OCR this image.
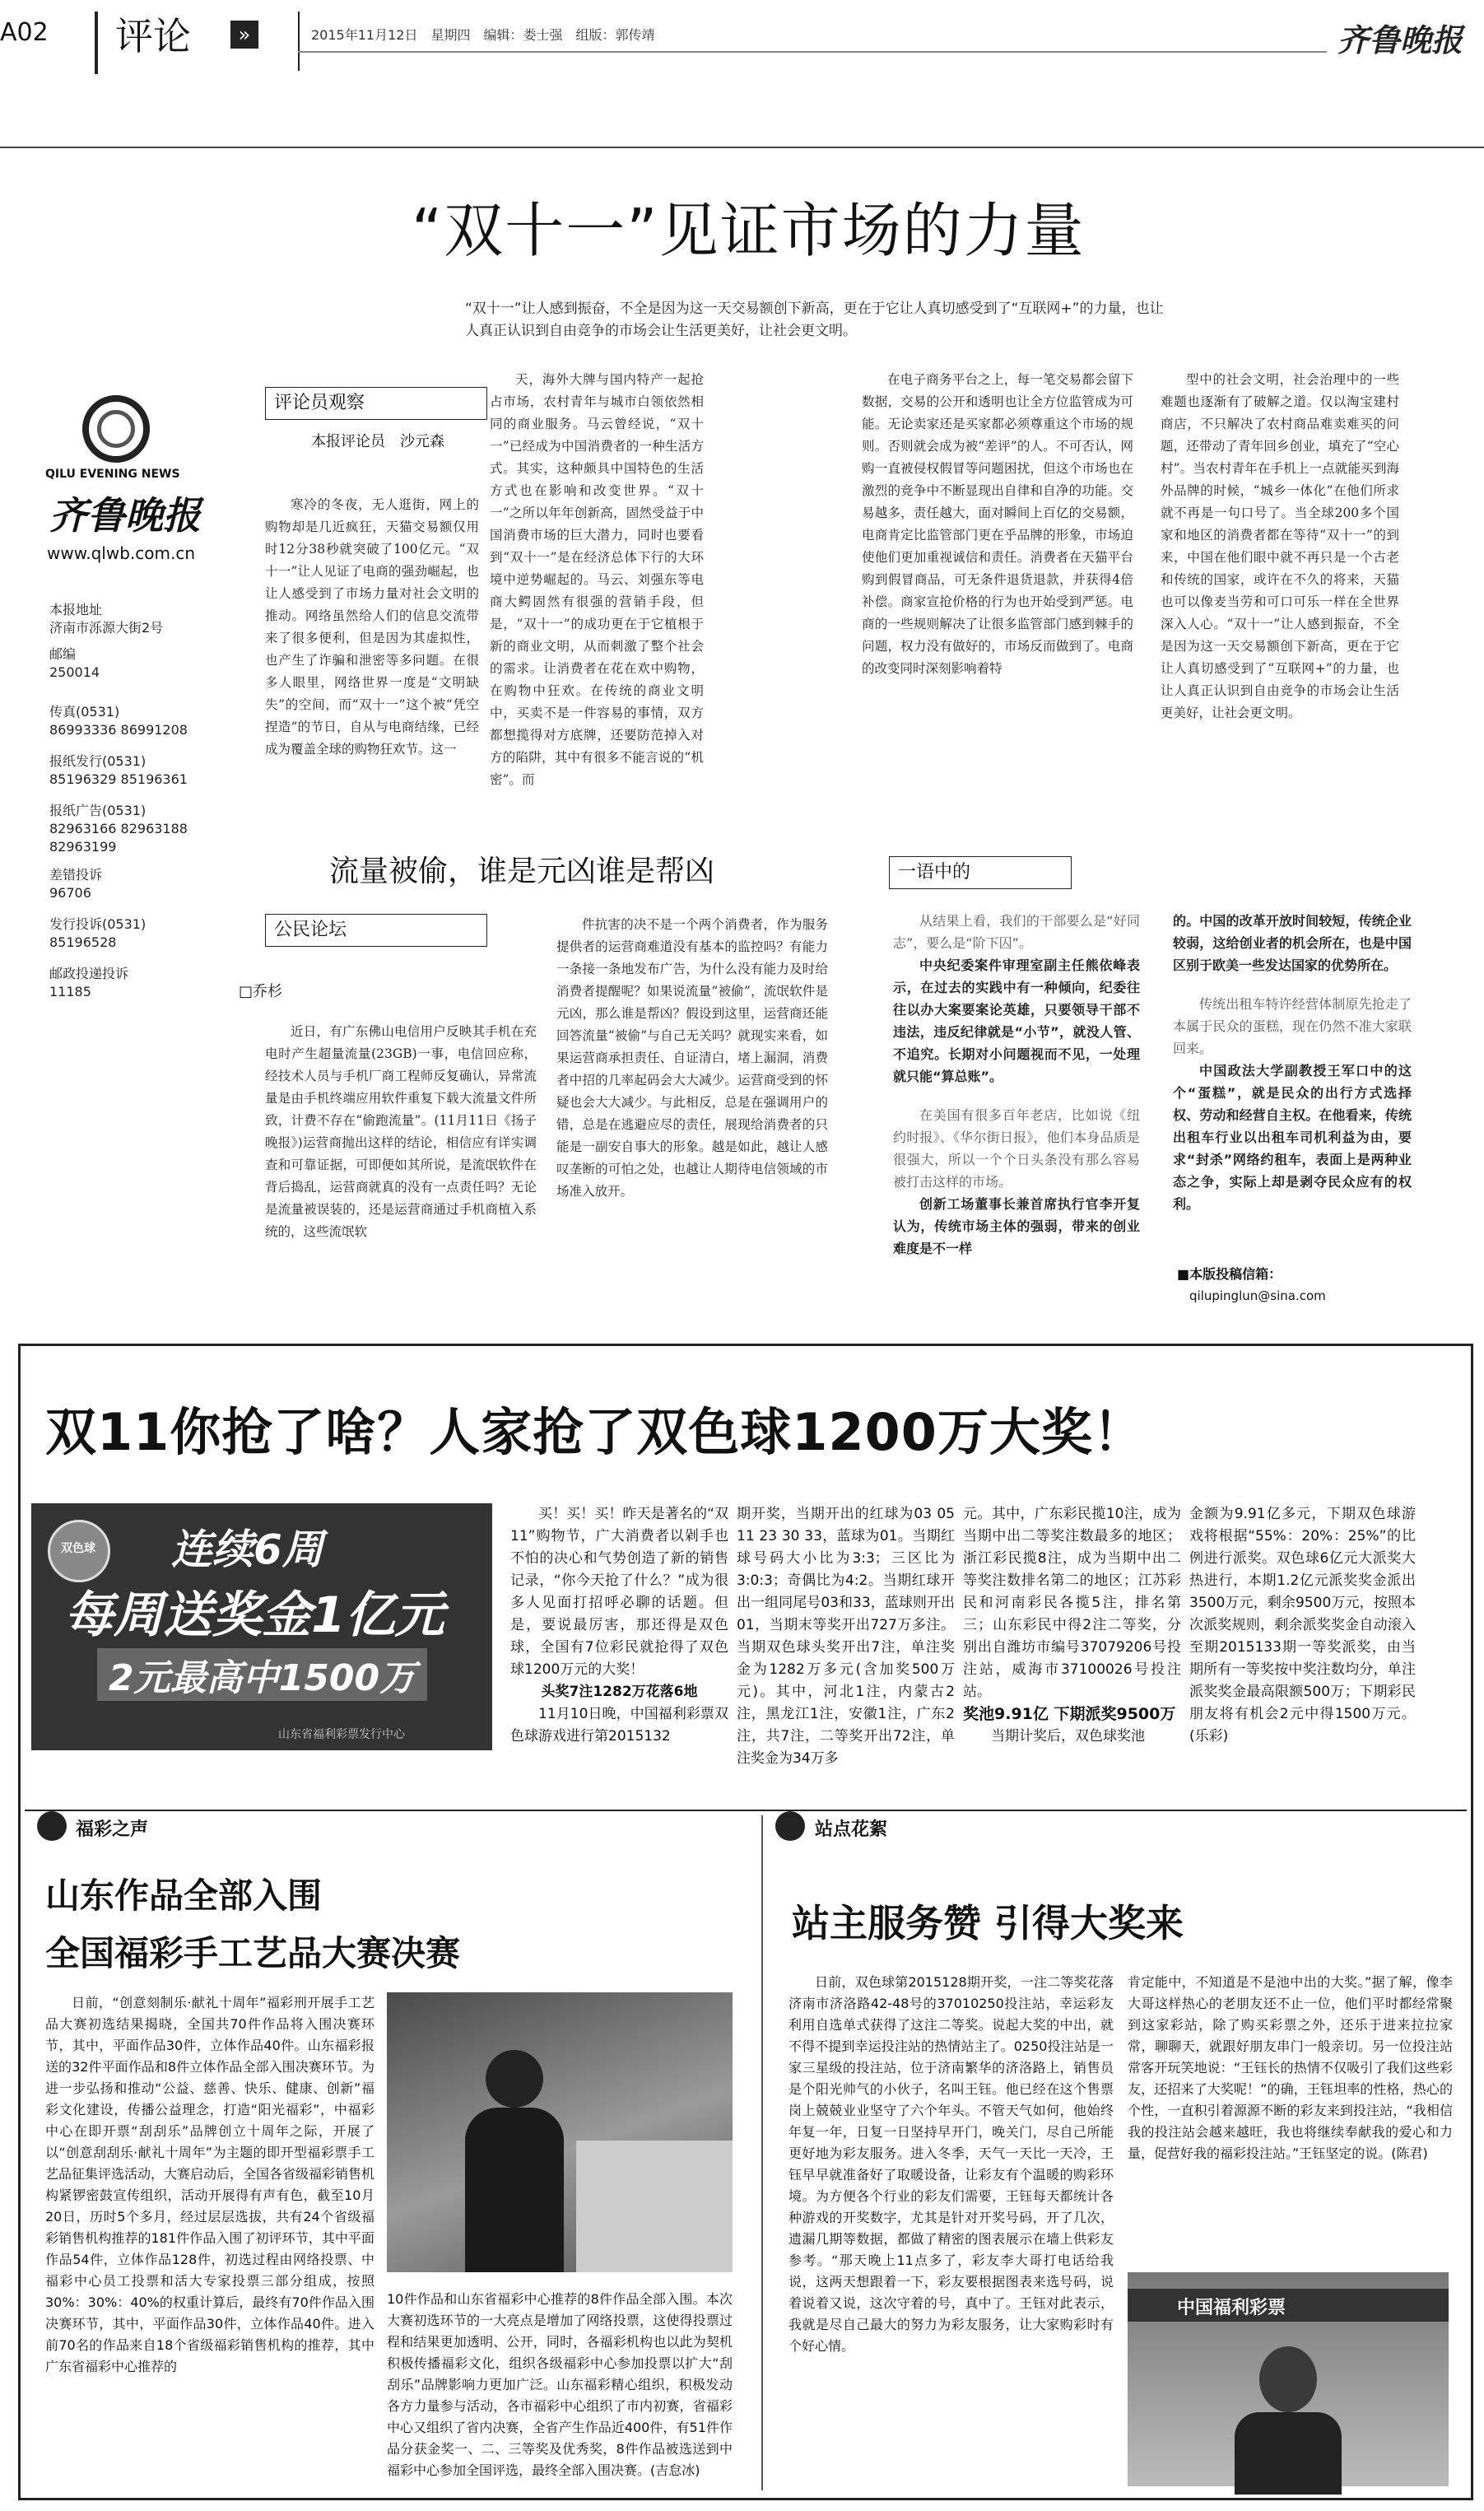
A02	评论	»	2015年11月12日　星期四　编辑：娄士强　组版：郭传靖	齐鲁晚报
QILU EVENING NEWS
齐鲁晚报
www.qlwb.com.cn
本报地址
济南市泺源大街2号
邮编
250014
传真(0531)
86993336 86991208
报纸发行(0531)
85196329 85196361
报纸广告(0531)
82963166 82963188 82963199
差错投诉
96706
发行投诉(0531)
85196528
邮政投递投诉
11185
“双十一”见证市场的力量
“双十一”让人感到振奋，不全是因为这一天交易额创下新高，更在于它让人真切感受到了“互联网+”的力量，也让人真正认识到自由竞争的市场会让生活更美好，让社会更文明。
评论员观察
本报评论员　沙元森

寒冷的冬夜，无人逛街，网上的购物却是几近疯狂，天猫交易额仅用时12分38秒就突破了100亿元。“双十一”让人见证了电商的强劲崛起，也让人感受到了市场力量对社会文明的推动。网络虽然给人们的信息交流带来了很多便利，但是因为其虚拟性，也产生了诈骗和泄密等多问题。在很多人眼里，网络世界一度是“文明缺失”的空间，而“双十一”这个被“凭空捏造”的节日，自从与电商结缘，已经成为覆盖全球的购物狂欢节。这一

天，海外大牌与国内特产一起抢占市场，农村青年与城市白领依然相同的商业服务。马云曾经说，“双十一”已经成为中国消费者的一种生活方式。其实，这种颇具中国特色的生活方式也在影响和改变世界。“双十一”之所以年年创新高，固然受益于中国消费市场的巨大潜力，同时也要看到“双十一”是在经济总体下行的大环境中逆势崛起的。马云、刘强东等电商大鳄固然有很强的营销手段，但是，“双十一”的成功更在于它植根于新的商业文明，从而刺激了整个社会的需求。让消费者在花在欢中购物，在购物中狂欢。在传统的商业文明中，买卖不是一件容易的事情，双方都想揽得对方底牌，还要防范掉入对方的陷阱，其中有很多不能言说的“机密”。而

在电子商务平台之上，每一笔交易都会留下数据，交易的公开和透明也让全方位监管成为可能。无论卖家还是买家都必须尊重这个市场的规则。否则就会成为被“差评”的人。不可否认，网购一直被侵权假冒等问题困扰，但这个市场也在激烈的竞争中不断显现出自律和自净的功能。交易越多，责任越大，面对瞬间上百亿的交易额，电商肯定比监管部门更在乎品牌的形象，市场迫使他们更加重视诚信和责任。消费者在天猫平台购到假冒商品，可无条件退货退款，并获得4倍补偿。商家宣抢价格的行为也开始受到严惩。电商的一些规则解决了让很多监管部门感到棘手的问题，权力没有做好的，市场反而做到了。电商的改变同时深刻影响着特

型中的社会文明，社会治理中的一些难题也逐渐有了破解之道。仅以淘宝建村商店，不只解决了农村商品难卖难买的问题，还带动了青年回乡创业，填充了“空心村”。当农村青年在手机上一点就能买到海外品牌的时候，“城乡一体化”在他们所求就不再是一句口号了。当全球200多个国家和地区的消费者都在等待“双十一”的到来，中国在他们眼中就不再只是一个古老和传统的国家，或许在不久的将来，天猫也可以像麦当劳和可口可乐一样在全世界深入人心。“双十一”让人感到振奋，不全是因为这一天交易额创下新高，更在于它让人真切感受到了“互联网+”的力量，也让人真正认识到自由竞争的市场会让生活更美好，让社会更文明。

流量被偷，谁是元凶谁是帮凶
公民论坛
□乔杉

近日，有广东佛山电信用户反映其手机在充电时产生超量流量(23GB)一事，电信回应称，经技术人员与手机厂商工程师反复确认，异常流量是由手机终端应用软件重复下载大流量文件所致，计费不存在“偷跑流量”。(11月11日《扬子晚报》)运营商抛出这样的结论，相信应有详实调查和可靠证据，可即便如其所说，是流氓软件在背后捣乱，运营商就真的没有一点责任吗？无论是流量被误装的，还是运营商通过手机商植入系统的，这些流氓软

件抗害的决不是一个两个消费者，作为服务提供者的运营商难道没有基本的监控吗？有能力一条接一条地发布广告，为什么没有能力及时给消费者提醒呢？如果说流量“被偷”，流氓软件是元凶，那么谁是帮凶？假设到这里，运营商还能回答流量“被偷”与自己无关吗？就现实来看，如果运营商承担责任、自证清白，堵上漏洞，消费者中招的几率起码会大大减少。运营商受到的怀疑也会大大减少。与此相反，总是在强调用户的错，总是在逃避应尽的责任，展现给消费者的只能是一副安自事大的形象。越是如此，越让人感叹垄断的可怕之处，也越让人期待电信领域的市场准入放开。

一语中的

从结果上看，我们的干部要么是“好同志”，要么是“阶下囚”。

中央纪委案件审理室副主任熊依峰表示，在过去的实践中有一种倾向，纪委往往以办大案要案论英雄，只要领导干部不违法，违反纪律就是“小节”，就没人管、不追究。长期对小问题视而不见，一处理就只能“算总账”。

在美国有很多百年老店，比如说《纽约时报》、《华尔街日报》，他们本身品质是很强大，所以一个个日头条没有那么容易被打击这样的市场。

创新工场董事长兼首席执行官李开复认为，传统市场主体的强弱，带来的创业难度是不一样

的。中国的改革开放时间较短，传统企业较弱，这给创业者的机会所在，也是中国区别于欧美一些发达国家的优势所在。

传统出租车特许经营体制原先抢走了本属于民众的蛋糕，现在仍然不准大家联回来。

中国政法大学副教授王军口中的这个“蛋糕”，就是民众的出行方式选择权、劳动和经营自主权。在他看来，传统出租车行业以出租车司机利益为由，要求“封杀”网络约租车，表面上是两种业态之争，实际上却是剥夺民众应有的权利。

■本版投稿信箱：
qilupinglun@sina.com
双11你抢了啥？人家抢了双色球1200万大奖！
双色球 连续6周
每周送奖金1亿元
2元最高中1500万
山东省福利彩票发行中心

买！买！买！昨天是著名的“双11”购物节，广大消费者以剁手也不怕的决心和气势创造了新的销售记录，“你今天抢了什么？”成为很多人见面打招呼必聊的话题。但是，要说最厉害，那还得是双色球，全国有7位彩民就抢得了双色球1200万元的大奖！

头奖7注1282万花落6地

11月10日晚，中国福利彩票双色球游戏进行第2015132

期开奖，当期开出的红球为03 05 11 23 30 33，蓝球为01。当期红球号码大小比为3:3；三区比为3:0:3；奇偶比为4:2。当期红球开出一组同尾号03和33，蓝球则开出01，当期末等奖开出727万多注。当期双色球头奖开出7注，单注奖金为1282万多元(含加奖500万元)。其中，河北1注，内蒙古2注，黑龙江1注，安徽1注，广东2注，共7注，二等奖开出72注，单注奖金为34万多

元。其中，广东彩民揽10注，成为当期中出二等奖注数最多的地区；浙江彩民揽8注，成为当期中出二等奖注数排名第二的地区；江苏彩民和河南彩民各揽5注，排名第三；山东彩民中得2注二等奖，分别出自潍坊市编号37079206号投注站，威海市37100026号投注站。

奖池9.91亿 下期派奖9500万

当期计奖后，双色球奖池

金额为9.91亿多元，下期双色球游戏将根据“55%：20%：25%”的比例进行派奖。双色球6亿元大派奖大热进行，本期1.2亿元派奖奖金派出3500万元，剩余9500万元，按照本次派奖规则，剩余派奖奖金自动滚入至期2015133期一等奖派奖，由当期所有一等奖按中奖注数均分，单注派奖奖金最高限额500万；下期彩民朋友将有机会2元中得1500万元。(乐彩)

福彩之声
山东作品全部入围
全国福彩手工艺品大赛决赛

日前，“创意刻制乐·献礼十周年”福彩刑开展手工艺品大赛初选结果揭晓，全国共70件作品将入围决赛环节，其中，平面作品30件，立体作品40件。山东福彩报送的32件平面作品和8件立体作品全部入围决赛环节。为进一步弘扬和推动“公益、慈善、快乐、健康、创新”福彩文化建设，传播公益理念，打造“阳光福彩”，中福彩中心在即开票“刮刮乐”品牌创立十周年之际，开展了以“创意刮刮乐·献礼十周年”为主题的即开型福彩票手工艺品征集评选活动，大赛启动后，全国各省级福彩销售机构紧锣密鼓宣传组织，活动开展得有声有色，截至10月20日，历时5个多月，经过层层选拔，共有24个省级福彩销售机构推荐的181件作品入围了初评环节，其中平面作品54件，立体作品128件，初选过程由网络投票、中福彩中心员工投票和活大专家投票三部分组成，按照30%：30%：40%的权重计算后，最终有70件作品入围决赛环节，其中，平面作品30件，立体作品40件。进入前70名的作品来自18个省级福彩销售机构的推荐，其中广东省福彩中心推荐的

10件作品和山东省福彩中心推荐的8件作品全部入围。本次大赛初选环节的一大亮点是增加了网络投票，这使得投票过程和结果更加透明、公开，同时，各福彩机构也以此为契机积极传播福彩文化，组织各级福彩中心参加投票以扩大“刮刮乐”品牌影响力更加广泛。山东福彩精心组织，积极发动各方力量参与活动，各市福彩中心组织了市内初赛，省福彩中心又组织了省内决赛，全省产生作品近400件，有51件作品分获金奖一、二、三等奖及优秀奖，8件作品被选送到中福彩中心参加全国评选，最终全部入围决赛。(吉怠冰)

站点花絮
站主服务赞 引得大奖来

日前，双色球第2015128期开奖，一注二等奖花落济南市济洛路42-48号的37010250投注站，幸运彩友利用自选单式获得了这注二等奖。说起大奖的中出，就不得不提到幸运投注站的热情站主了。0250投注站是一家三星级的投注站，位于济南繁华的济洛路上，销售员是个阳光帅气的小伙子，名叫王钰。他已经在这个售票岗上兢兢业业坚守了六个年头。不管天气如何，他始终年复一年，日复一日坚持早开门，晚关门，尽自己所能更好地为彩友服务。进入冬季，天气一天比一天冷，王钰早早就准备好了取暖设备，让彩友有个温暖的购彩环境。为方便各个行业的彩友们需要，王钰每天都统计各种游戏的开奖数字，尤其是针对开奖号码，开了几次，遗漏几期等数据，都做了精密的图表展示在墙上供彩友参考。“那天晚上11点多了，彩友李大哥打电话给我说，这两天想跟着一下，彩友要根据图表来选号码，说着说着又说，这次守着的号，真中了。王钰对此表示，我就是尽自己最大的努力为彩友服务，让大家购彩时有个好心情。

肯定能中，不知道是不是池中出的大奖。”据了解，像李大哥这样热心的老朋友还不止一位，他们平时都经常聚到这家彩站，除了购买彩票之外，还乐于进来拉拉家常，聊聊天，就跟好朋友串门一般亲切。另一位投注站常客开玩笑地说：“王钰长的热情不仅吸引了我们这些彩友，还招来了大奖呢！”的确，王钰坦率的性格，热心的个性，一直积引着源源不断的彩友来到投注站，“我相信我的投注站会越来越旺，我也将继续奉献我的爱心和力量，促营好我的福彩投注站。”王钰坚定的说。(陈君)

中国福利彩票
